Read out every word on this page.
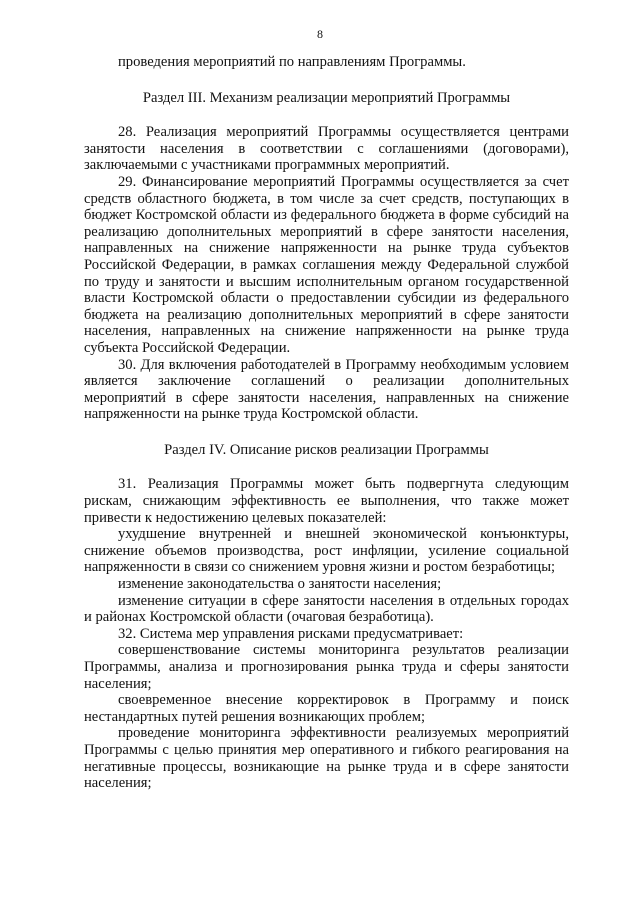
8

проведения мероприятий по направлениям Программы.

Раздел III. Механизм реализации мероприятий Программы

28. Реализация мероприятий Программы осуществляется центрами занятости населения в соответствии с соглашениями (договорами), заключаемыми с участниками программных мероприятий.

29. Финансирование мероприятий Программы осуществляется за счет средств областного бюджета, в том числе за счет средств, поступающих в бюджет Костромской области из федерального бюджета в форме субсидий на реализацию дополнительных мероприятий в сфере занятости населения, направленных на снижение напряженности на рынке труда субъектов Российской Федерации, в рамках соглашения между Федеральной службой по труду и занятости и высшим исполнительным органом государственной власти Костромской области о предоставлении субсидии из федерального бюджета на реализацию дополнительных мероприятий в сфере занятости населения, направленных на снижение напряженности на рынке труда субъекта Российской Федерации.

30. Для включения работодателей в Программу необходимым условием является заключение соглашений о реализации дополнительных мероприятий в сфере занятости населения, направленных на снижение напряженности на рынке труда Костромской области.

Раздел IV. Описание рисков реализации Программы

31. Реализация Программы может быть подвергнута следующим рискам, снижающим эффективность ее выполнения, что также может привести к недостижению целевых показателей:

ухудшение внутренней и внешней экономической конъюнктуры, снижение объемов производства, рост инфляции, усиление социальной напряженности в связи со снижением уровня жизни и ростом безработицы;

изменение законодательства о занятости населения;

изменение ситуации в сфере занятости населения в отдельных городах и районах Костромской области (очаговая безработица).

32. Система мер управления рисками предусматривает:

совершенствование системы мониторинга результатов реализации Программы, анализа и прогнозирования рынка труда и сферы занятости населения;

своевременное внесение корректировок в Программу и поиск нестандартных путей решения возникающих проблем;

проведение мониторинга эффективности реализуемых мероприятий Программы с целью принятия мер оперативного и гибкого реагирования на негативные процессы, возникающие на рынке труда и в сфере занятости населения;
